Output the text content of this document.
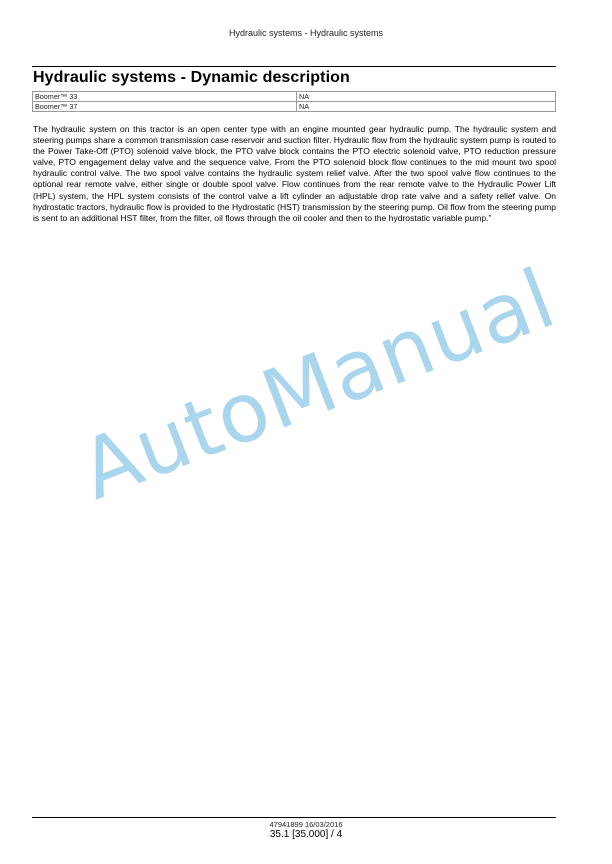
Hydraulic systems - Hydraulic systems
Hydraulic systems - Dynamic description
Boomer™ 33	NA
Boomer™ 37	NA

The hydraulic system on this tractor is an open center type with an engine mounted gear hydraulic pump. The hydraulic system and steering pumps share a common transmission case reservoir and suction filter. Hydraulic flow from the hydraulic system pump is routed to the Power Take-Off (PTO) solenoid valve block, the PTO valve block contains the PTO electric solenoid valve, PTO reduction pressure valve, PTO engagement delay valve and the sequence valve. From the PTO solenoid block flow continues to the mid mount two spool hydraulic control valve. The two spool valve contains the hydraulic system relief valve. After the two spool valve flow continues to the optional rear remote valve, either single or double spool valve. Flow continues from the rear remote valve to the Hydraulic Power Lift (HPL) system, the HPL system consists of the control valve a lift cylinder an adjustable drop rate valve and a safety relief valve. On hydrostatic tractors, hydraulic flow is provided to the Hydrostatic (HST) transmission by the steering pump. Oil flow from the steering pump is sent to an additional HST filter, from the filter, oil flows through the oil cooler and then to the hydrostatic variable pump.”

AutoManual
47941899 16/03/2016
35.1 [35.000] / 4
